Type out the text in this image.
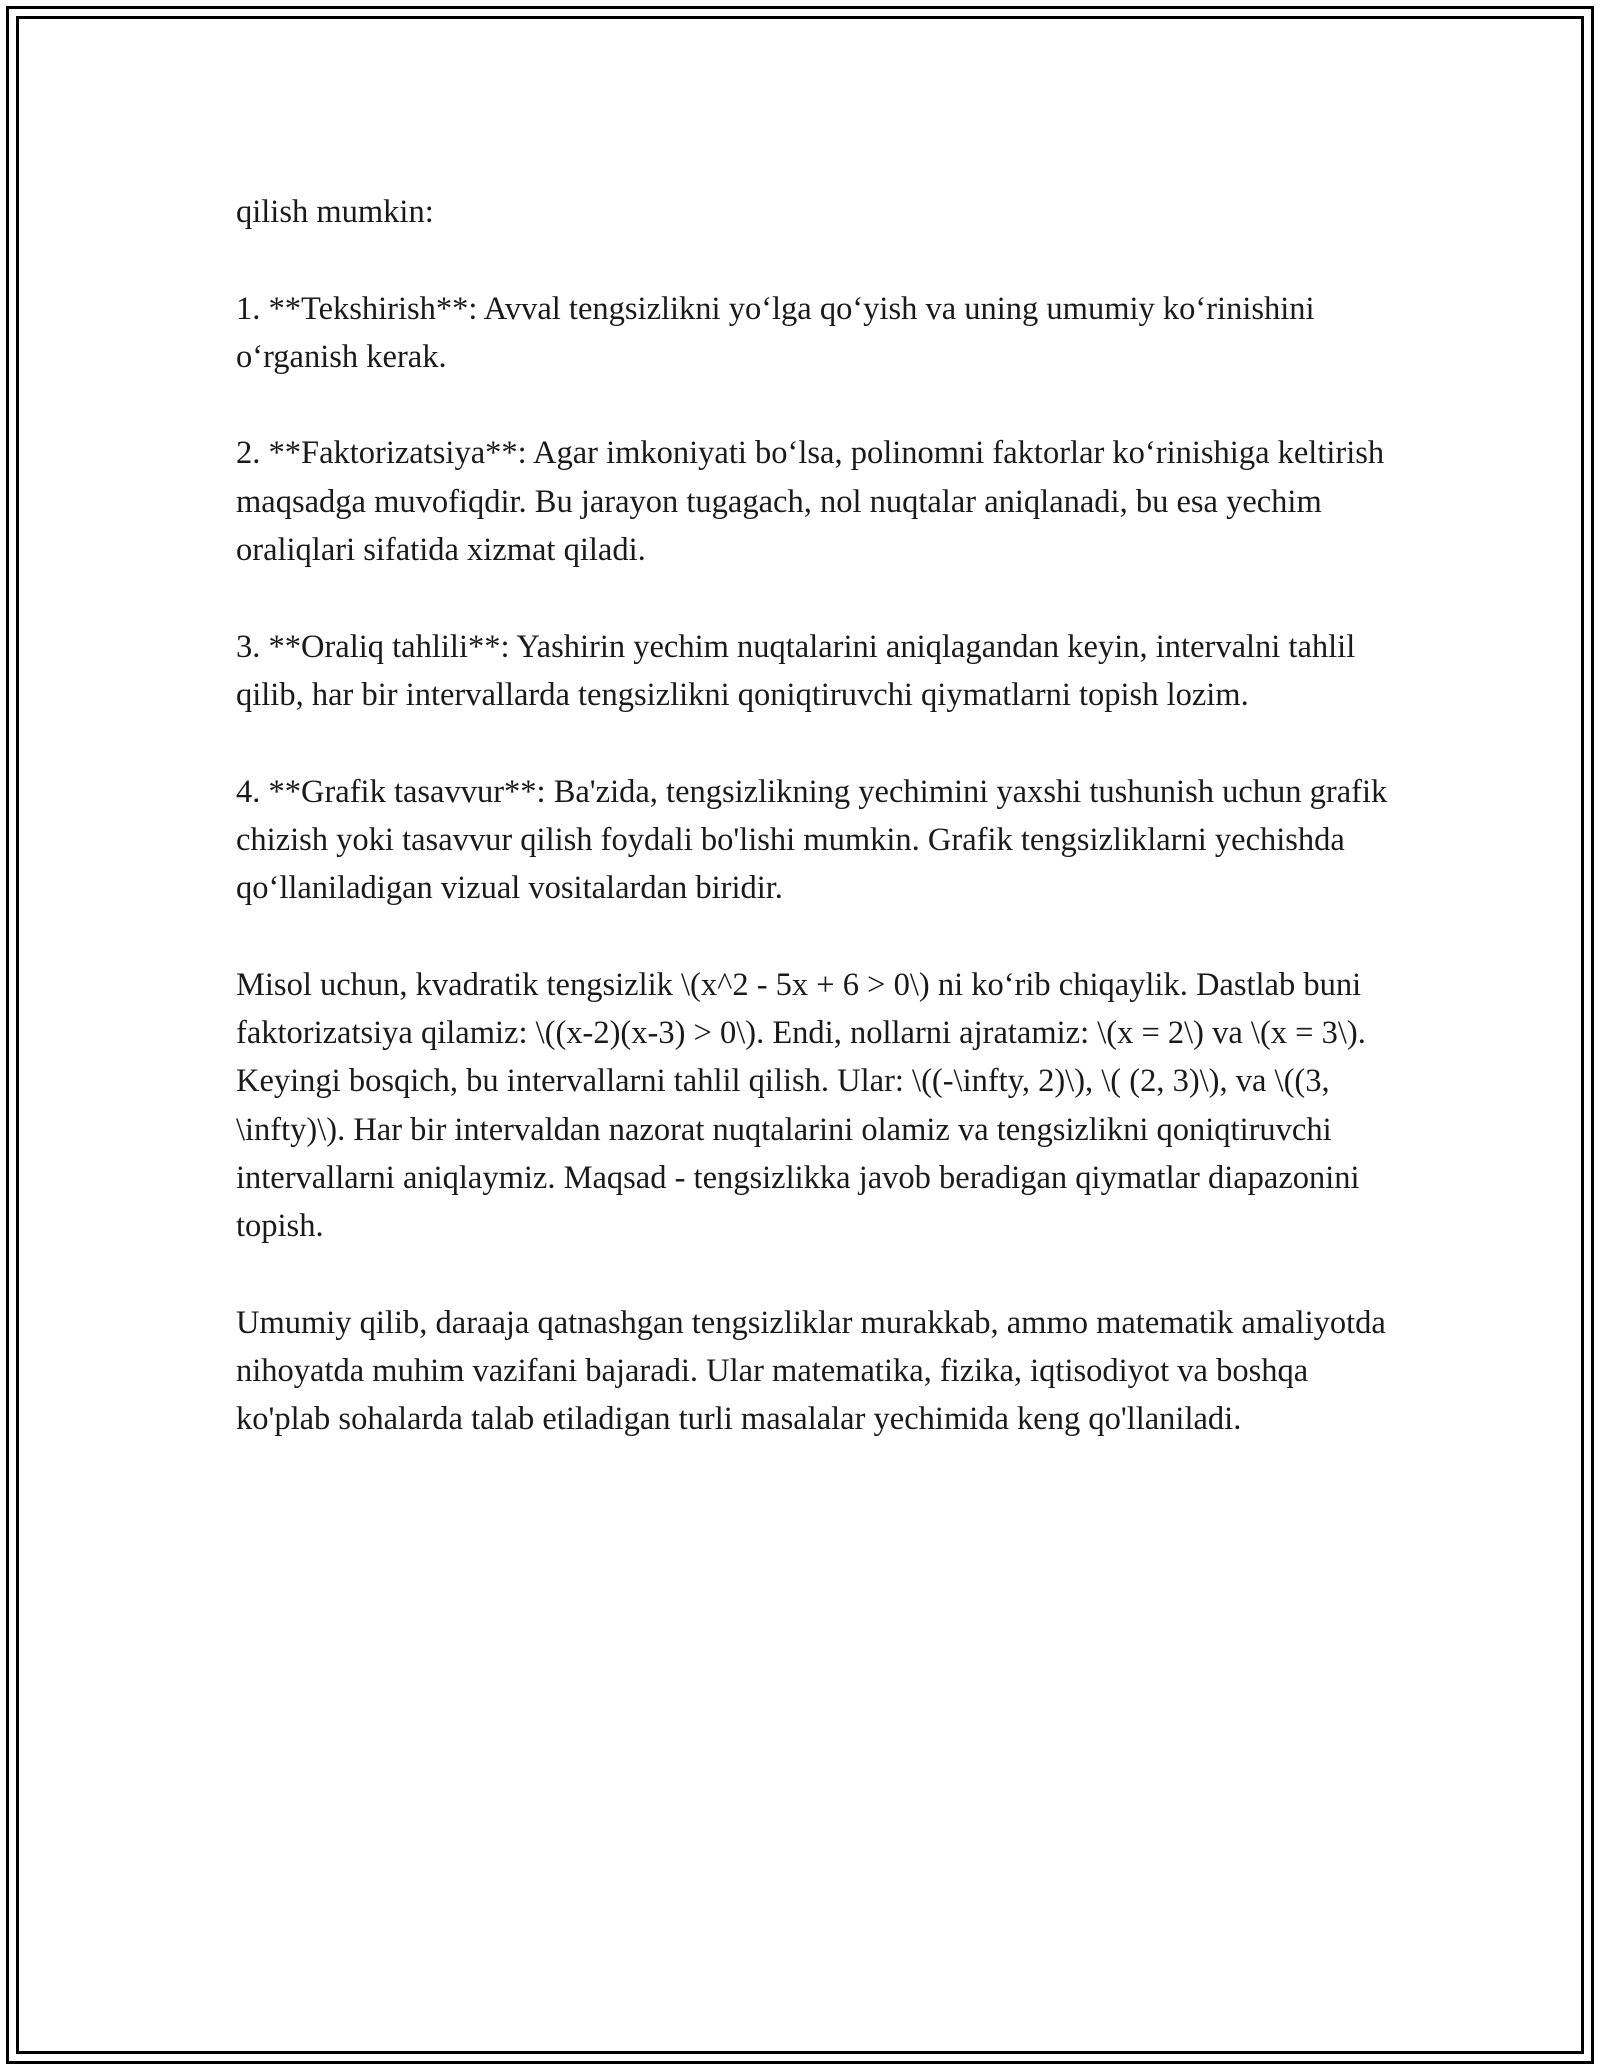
qilish mumkin:

1. **Tekshirish**: Avval tengsizlikni yo‘lga qo‘yish va uning umumiy ko‘rinishini o‘rganish kerak.

2. **Faktorizatsiya**: Agar imkoniyati bo‘lsa, polinomni faktorlar ko‘rinishiga keltirish maqsadga muvofiqdir. Bu jarayon tugagach, nol nuqtalar aniqlanadi, bu esa yechim oraliqlari sifatida xizmat qiladi.

3. **Oraliq tahlili**: Yashirin yechim nuqtalarini aniqlagandan keyin, intervalni tahlil qilib, har bir intervallarda tengsizlikni qoniqtiruvchi qiymatlarni topish lozim.

4. **Grafik tasavvur**: Ba'zida, tengsizlikning yechimini yaxshi tushunish uchun grafik chizish yoki tasavvur qilish foydali bo'lishi mumkin. Grafik tengsizliklarni yechishda qo‘llaniladigan vizual vositalardan biridir.

Misol uchun, kvadratik tengsizlik \(x^2 - 5x + 6 > 0\) ni ko‘rib chiqaylik. Dastlab buni faktorizatsiya qilamiz: \((x-2)(x-3) > 0\). Endi, nollarni ajratamiz: \(x = 2\) va \(x = 3\). Keyingi bosqich, bu intervallarni tahlil qilish. Ular: \((-\infty, 2)\), \( (2, 3)\), va \((3, \infty)\). Har bir intervaldan nazorat nuqtalarini olamiz va tengsizlikni qoniqtiruvchi intervallarni aniqlaymiz. Maqsad - tengsizlikka javob beradigan qiymatlar diapazonini topish.

Umumiy qilib, daraaja qatnashgan tengsizliklar murakkab, ammo matematik amaliyotda nihoyatda muhim vazifani bajaradi. Ular matematika, fizika, iqtisodiyot va boshqa ko'plab sohalarda talab etiladigan turli masalalar yechimida keng qo'llaniladi.
